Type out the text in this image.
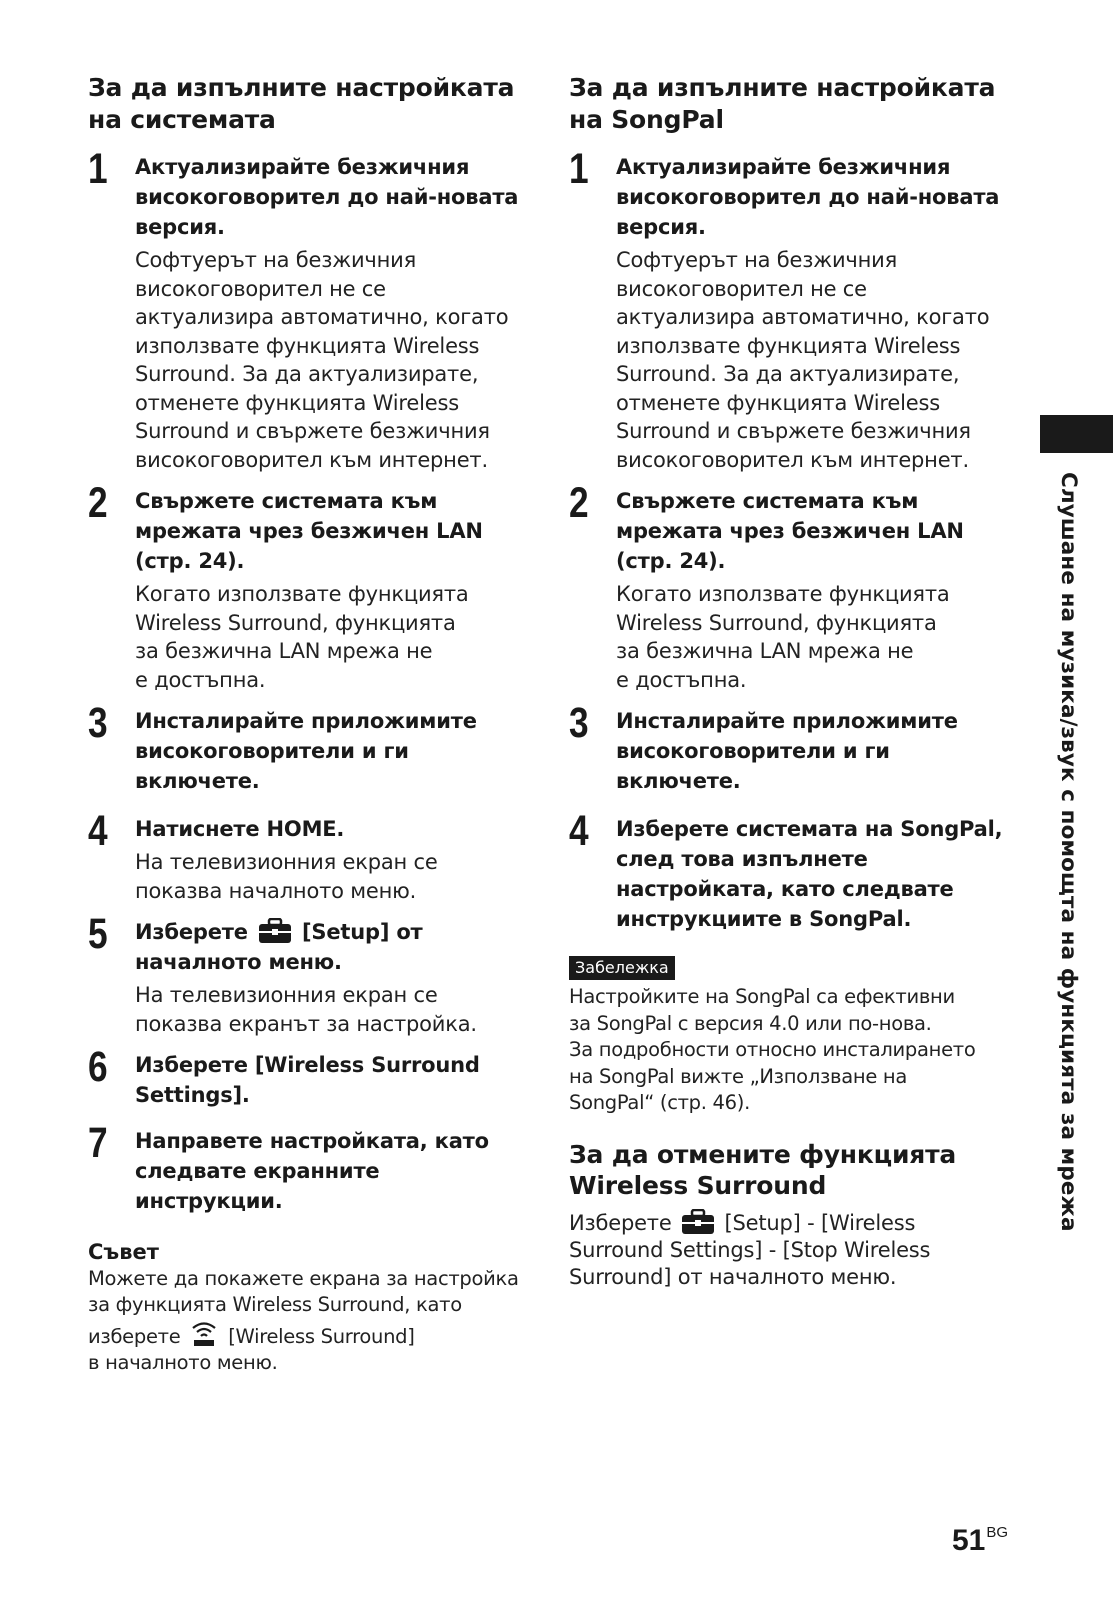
За да изпълните настройката
на системата
1 Актуализирайте безжичния
високоговорител до най-новата
версия.
Софтуерът на безжичния
високоговорител не се
актуализира автоматично, когато
използвате функцията Wireless
Surround. За да актуализирате,
отменете функцията Wireless
Surround и свържете безжичния
високоговорител към интернет.
2 Свържете системата към
мрежата чрез безжичен LAN
(стр. 24).
Когато използвате функцията
Wireless Surround, функцията
за безжична LAN мрежа не
е достъпна.
3 Инсталирайте приложимите
високоговорители и ги
включете.
4 Натиснете HOME.
На телевизионния екран се
показва началното меню.
5 Изберете	[Setup] от
началното меню.
На телевизионния екран се
показва екранът за настройка.
6 Изберете [Wireless Surround
Settings].
7 Направете настройката, като
следвате екранните инструкции.
Съвет
Можете да покажете екрана за настройка
за функцията Wireless Surround, като
изберете [Wireless Surround]
в началното меню.
За да изпълните настройката
на SongPal
1 Актуализирайте безжичния
високоговорител до най-новата
версия.
Софтуерът на безжичния
високоговорител не се
актуализира автоматично, когато
използвате функцията Wireless
Surround. За да актуализирате,
отменете функцията Wireless
Surround и свържете безжичния
високоговорител към интернет.
2 Свържете системата към
мрежата чрез безжичен LAN
(стр. 24).
Когато използвате функцията
Wireless Surround, функцията
за безжична LAN мрежа не
е достъпна.
3 Инсталирайте приложимите
високоговорители и ги
включете.
4 Изберете системата на SongPal,
след това изпълнете
настройката, като следвате
инструкциите в SongPal.
Забележка
Настройките на SongPal са ефективни
за SongPal с версия 4.0 или по-нова.
За подробности относно инсталирането
на SongPal вижте „Използване на
SongPal“ (стр. 46).
За да отмените функцията
Wireless Surround
Изберете	[Setup] - [Wireless
Surround Settings] - [Stop Wireless
Surround] от началното меню.
Слушане на музика/звук с помощта на функцията за мрежа
$51^{BG}$
